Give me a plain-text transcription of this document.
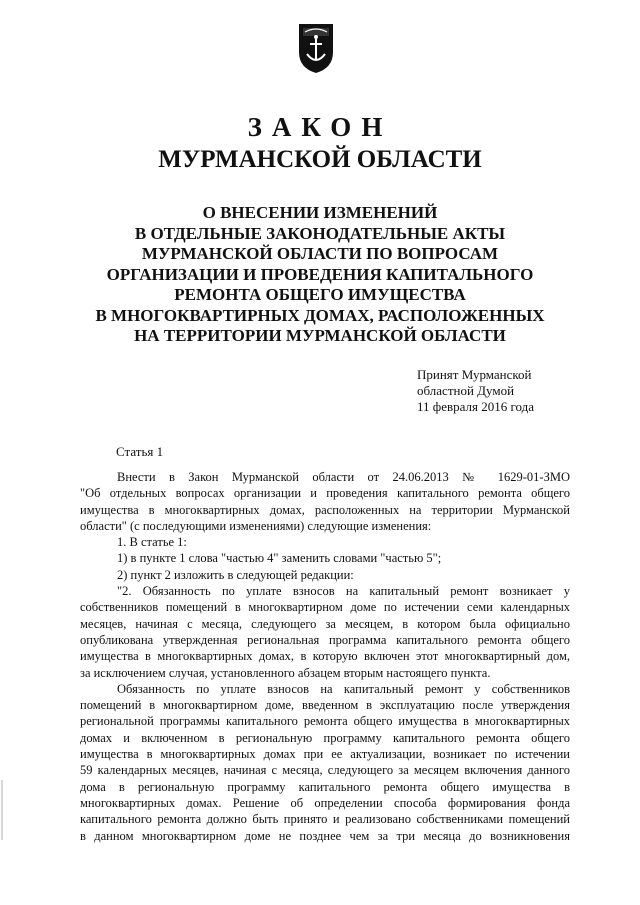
ЗАКОН
МУРМАНСКОЙ ОБЛАСТИ
О ВНЕСЕНИИ ИЗМЕНЕНИЙ
В ОТДЕЛЬНЫЕ ЗАКОНОДАТЕЛЬНЫЕ АКТЫ
МУРМАНСКОЙ ОБЛАСТИ ПО ВОПРОСАМ
ОРГАНИЗАЦИИ И ПРОВЕДЕНИЯ КАПИТАЛЬНОГО
РЕМОНТА ОБЩЕГО ИМУЩЕСТВА
В МНОГОКВАРТИРНЫХ ДОМАХ, РАСПОЛОЖЕННЫХ
НА ТЕРРИТОРИИ МУРМАНСКОЙ ОБЛАСТИ
Принят Мурманской
областной Думой
11 февраля 2016 года
Статья 1
Внести в Закон Мурманской области от 24.06.2013 № 1629-01-ЗМО
"Об отдельных вопросах организации и проведения капитального ремонта общего
имущества в многоквартирных домах, расположенных на территории Мурманской
области" (с последующими изменениями) следующие изменения:
1. В статье 1:
1) в пункте 1 слова "частью 4" заменить словами "частью 5";
2) пункт 2 изложить в следующей редакции:
"2. Обязанность по уплате взносов на капитальный ремонт возникает у
собственников помещений в многоквартирном доме по истечении семи календарных
месяцев, начиная с месяца, следующего за месяцем, в котором была официально
опубликована утвержденная региональная программа капитального ремонта общего
имущества в многоквартирных домах, в которую включен этот многоквартирный дом,
за исключением случая, установленного абзацем вторым настоящего пункта.
Обязанность по уплате взносов на капитальный ремонт у собственников
помещений в многоквартирном доме, введенном в эксплуатацию после утверждения
региональной программы капитального ремонта общего имущества в многоквартирных
домах и включенном в региональную программу капитального ремонта общего
имущества в многоквартирных домах при ее актуализации, возникает по истечении
59 календарных месяцев, начиная с месяца, следующего за месяцем включения данного
дома в региональную программу капитального ремонта общего имущества в
многоквартирных домах. Решение об определении способа формирования фонда
капитального ремонта должно быть принято и реализовано собственниками помещений
в данном многоквартирном доме не позднее чем за три месяца до возникновения
